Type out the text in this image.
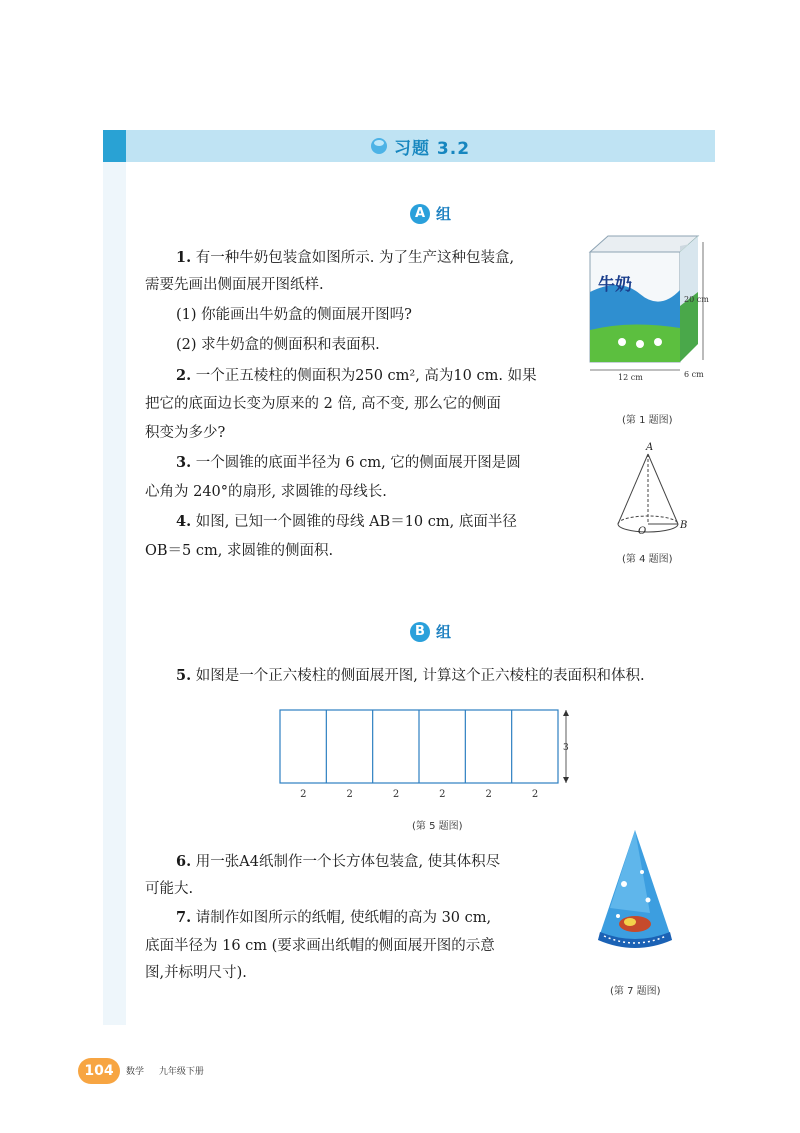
习题 3.2
A 组
1. 有一种牛奶包装盒如图所示. 为了生产这种包装盒,
需要先画出侧面展开图纸样.
(1) 你能画出牛奶盒的侧面展开图吗?
(2) 求牛奶盒的侧面积和表面积.
2. 一个正五棱柱的侧面积为250 cm², 高为10 cm. 如果
把它的底面边长变为原来的 2 倍, 高不变, 那么它的侧面
积变为多少?
3. 一个圆锥的底面半径为 6 cm, 它的侧面展开图是圆
心角为 240°的扇形, 求圆锥的母线长.
4. 如图, 已知一个圆锥的母线 AB＝10 cm, 底面半径
OB＝5 cm, 求圆锥的侧面积.
牛奶
20 cm
12 cm	6 cm
(第 1 题图)
A
O
B
(第 4 题图)
B 组
5. 如图是一个正六棱柱的侧面展开图, 计算这个正六棱柱的表面积和体积.
3
2	2	2	2	2	2
(第 5 题图)
6. 用一张A4纸制作一个长方体包装盒, 使其体积尽
可能大.
7. 请制作如图所示的纸帽, 使纸帽的高为 30 cm,
底面半径为 16 cm (要求画出纸帽的侧面展开图的示意
图,并标明尺寸).
(第 7 题图)
104	数学 九年级下册
